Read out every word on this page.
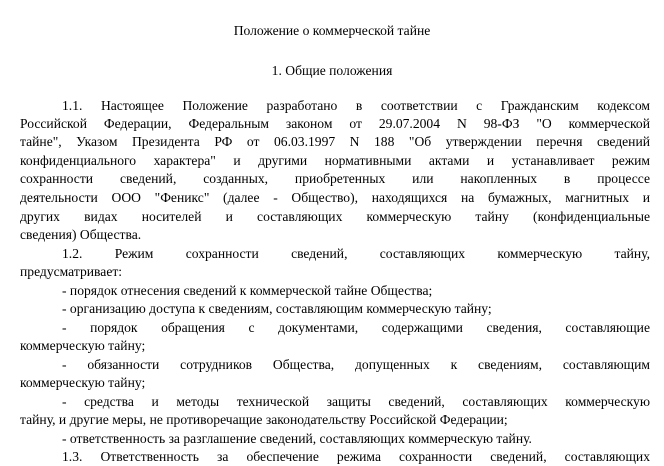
Положение о коммерческой тайне
1. Общие положения
1.1. Настоящее Положение разработано в соответствии с Гражданским кодексом
Российской Федерации, Федеральным законом от 29.07.2004 N 98-ФЗ "О коммерческой
тайне", Указом Президента РФ от 06.03.1997 N 188 "Об утверждении перечня сведений
конфиденциального характера" и другими нормативными актами и устанавливает режим
сохранности сведений, созданных, приобретенных или накопленных в процессе
деятельности ООО "Феникс" (далее - Общество), находящихся на бумажных, магнитных и
других видах носителей и составляющих коммерческую тайну (конфиденциальные
сведения) Общества.
1.2. Режим сохранности сведений, составляющих коммерческую тайну,
предусматривает:
- порядок отнесения сведений к коммерческой тайне Общества;
- организацию доступа к сведениям, составляющим коммерческую тайну;
- порядок обращения с документами, содержащими сведения, составляющие
коммерческую тайну;
- обязанности сотрудников Общества, допущенных к сведениям, составляющим
коммерческую тайну;
- средства и методы технической защиты сведений, составляющих коммерческую
тайну, и другие меры, не противоречащие законодательству Российской Федерации;
- ответственность за разглашение сведений, составляющих коммерческую тайну.
1.3. Ответственность за обеспечение режима сохранности сведений, составляющих
